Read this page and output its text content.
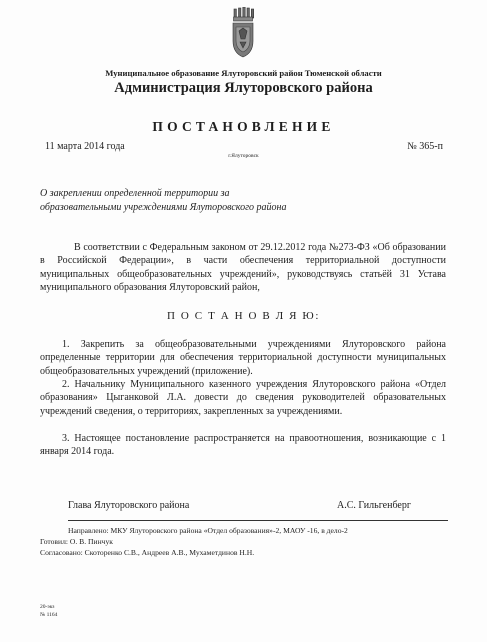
Муниципальное образование Ялуторовский район Тюменской области
Администрация Ялуторовского района
ПОСТАНОВЛЕНИЕ
11 марта 2014 года	№ 365-п
г.Ялуторовск
О закреплении определенной территории за образовательными учреждениями Ялуторовского района
В соответствии с Федеральным законом от 29.12.2012 года №273-ФЗ «Об образовании в Российской Федерации», в части обеспечения территориальной доступности муниципальных общеобразовательных учреждений», руководствуясь статьёй 31 Устава муниципального образования Ялуторовский район,
П О С Т А Н О В Л Я Ю:
1. Закрепить за общеобразовательными учреждениями Ялуторовского района определенные территории для обеспечения территориальной доступности муниципальных общеобразовательных учреждений (приложение).
2. Начальнику Муниципального казенного учреждения Ялуторовского района «Отдел образования» Цыганковой Л.А. довести до сведения руководителей образовательных учреждений сведения, о территориях, закрепленных за учреждениями.
3. Настоящее постановление распространяется на правоотношения, возникающие с 1 января 2014 года.
Глава Ялуторовского района	А.С. Гильгенберг
Направлено: МКУ Ялуторовского района «Отдел образования»-2, МАОУ -16, в дело-2
Готовил: О. В. Пинчук
Согласовано: Скоторенко С.В., Андреев А.В., Мухаметдинов Н.Н.
20-экз
№ 1164
